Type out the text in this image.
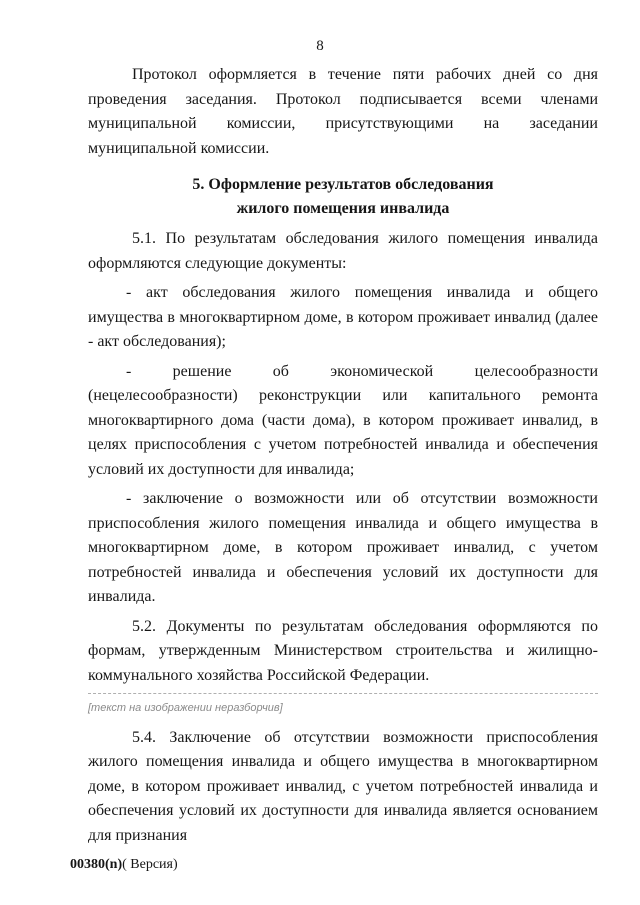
8

Протокол оформляется в течение пяти рабочих дней со дня проведения заседания. Протокол подписывается всеми членами муниципальной комиссии, присутствующими на заседании муниципальной комиссии.

5. Оформление результатов обследования
жилого помещения инвалида

5.1. По результатам обследования жилого помещения инвалида оформляются следующие документы:

- акт обследования жилого помещения инвалида и общего имущества в многоквартирном доме, в котором проживает инвалид (далее - акт обследования);

- решение об экономической целесообразности (нецелесообразности) реконструкции или капитального ремонта многоквартирного дома (части дома), в котором проживает инвалид, в целях приспособления с учетом потребностей инвалида и обеспечения условий их доступности для инвалида;

- заключение о возможности или об отсутствии возможности приспособления жилого помещения инвалида и общего имущества в многоквартирном доме, в котором проживает инвалид, с учетом потребностей инвалида и обеспечения условий их доступности для инвалида.

5.2. Документы по результатам обследования оформляются по формам, утвержденным Министерством строительства и жилищно-коммунального хозяйства Российской Федерации.

[текст на изображении неразборчив]

5.4. Заключение об отсутствии возможности приспособления жилого помещения инвалида и общего имущества в многоквартирном доме, в котором проживает инвалид, с учетом потребностей инвалида и обеспечения условий их доступности для инвалида является основанием для признания

00380(n)( Версия)
